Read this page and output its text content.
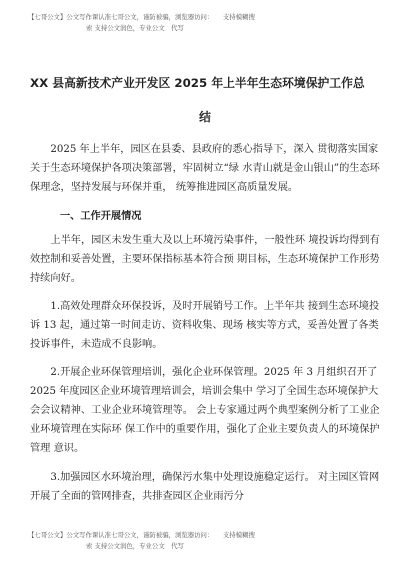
【七哥公文】公文写作课认准七哥公文，谨防被骗，浏览器访问：　　支持模糊搜
索 支持公文润色，专业公文　代写
XX 县高新技术产业开发区 2025 年上半年生态环境保护工作总
结

2025 年上半年，园区在县委、县政府的悉心指导下，深入 贯彻落实国家关于生态环境保护各项决策部署，牢固树立“绿 水青山就是金山银山”的生态环保理念，坚持发展与环保并重， 统筹推进园区高质量发展。

一、工作开展情况

上半年，园区未发生重大及以上环境污染事件，一般性环 境投诉均得到有效控制和妥善处置，主要环保指标基本符合预 期目标，生态环境保护工作形势持续向好。

1.高效处理群众环保投诉，及时开展销号工作。上半年共 接到生态环境投诉 13 起，通过第一时间走访、资料收集、现场 核实等方式，妥善处置了各类投诉事件，未造成不良影响。

2.开展企业环保管理培训，强化企业环保管理。2025 年 3 月组织召开了 2025 年度园区企业环境管理培训会，培训会集中 学习了全国生态环境保护大会会议精神、工业企业环境管理等。 会上专家通过两个典型案例分析了工业企业环境管理在实际环 保工作中的重要作用，强化了企业主要负责人的环境保护管理 意识。

3.加强园区水环境治理，确保污水集中处理设施稳定运行。 对主园区管网开展了全面的管网排查，共排查园区企业雨污分

【七哥公文】公文写作课认准七哥公文，谨防被骗，浏览器访问：　　支持模糊搜
索 支持公文润色，专业公文　代写
